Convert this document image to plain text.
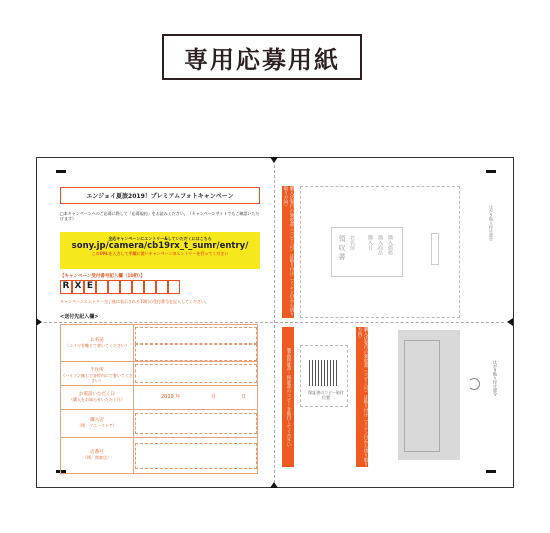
専用応募用紙
エンジョイ夏旅2019！プレミアムフォトキャンペーン
□本キャンペーンへのご応募に際して「応募規約」をお読みください。（キャンペーンサイトでもご確認いただけます）
全応キャンペーンにエントリー&していただくにはこちら
sony.jp/camera/cb19rx_t_sumr/entry/
このURLを入力して手順に従いキャンペーンのエントリーを行ってください
【キャンペーン受付番号記入欄（10桁）】
R X E
キャンペーンエントリー完了後に表示される10桁の受付番号を記入してください。
<送付先記入欄>
お名前
（エイヤを軸とて書いてください）
〒住所
（ハイフン無しで各枠内にて書いてください）
お電話いただく日
（購入をお知らせいただく日）	2019 年	月	日
購入店
（例：ソニーストア）
店番号
（例：関東店）
購入店発行の領収書（コピー可）は貼り付け（ミシン目から切り取り方向）
製品保証書・保証書のコピーを貼付してください	購入店発行の領収書（コピー可）は貼り付け（ミシン目から切り取り方向）
領収書 お名前 購入日 購入商品 購入価格
保証書のコピー貼付位置
はがき貼り付け部分
はがき貼り付け部分
